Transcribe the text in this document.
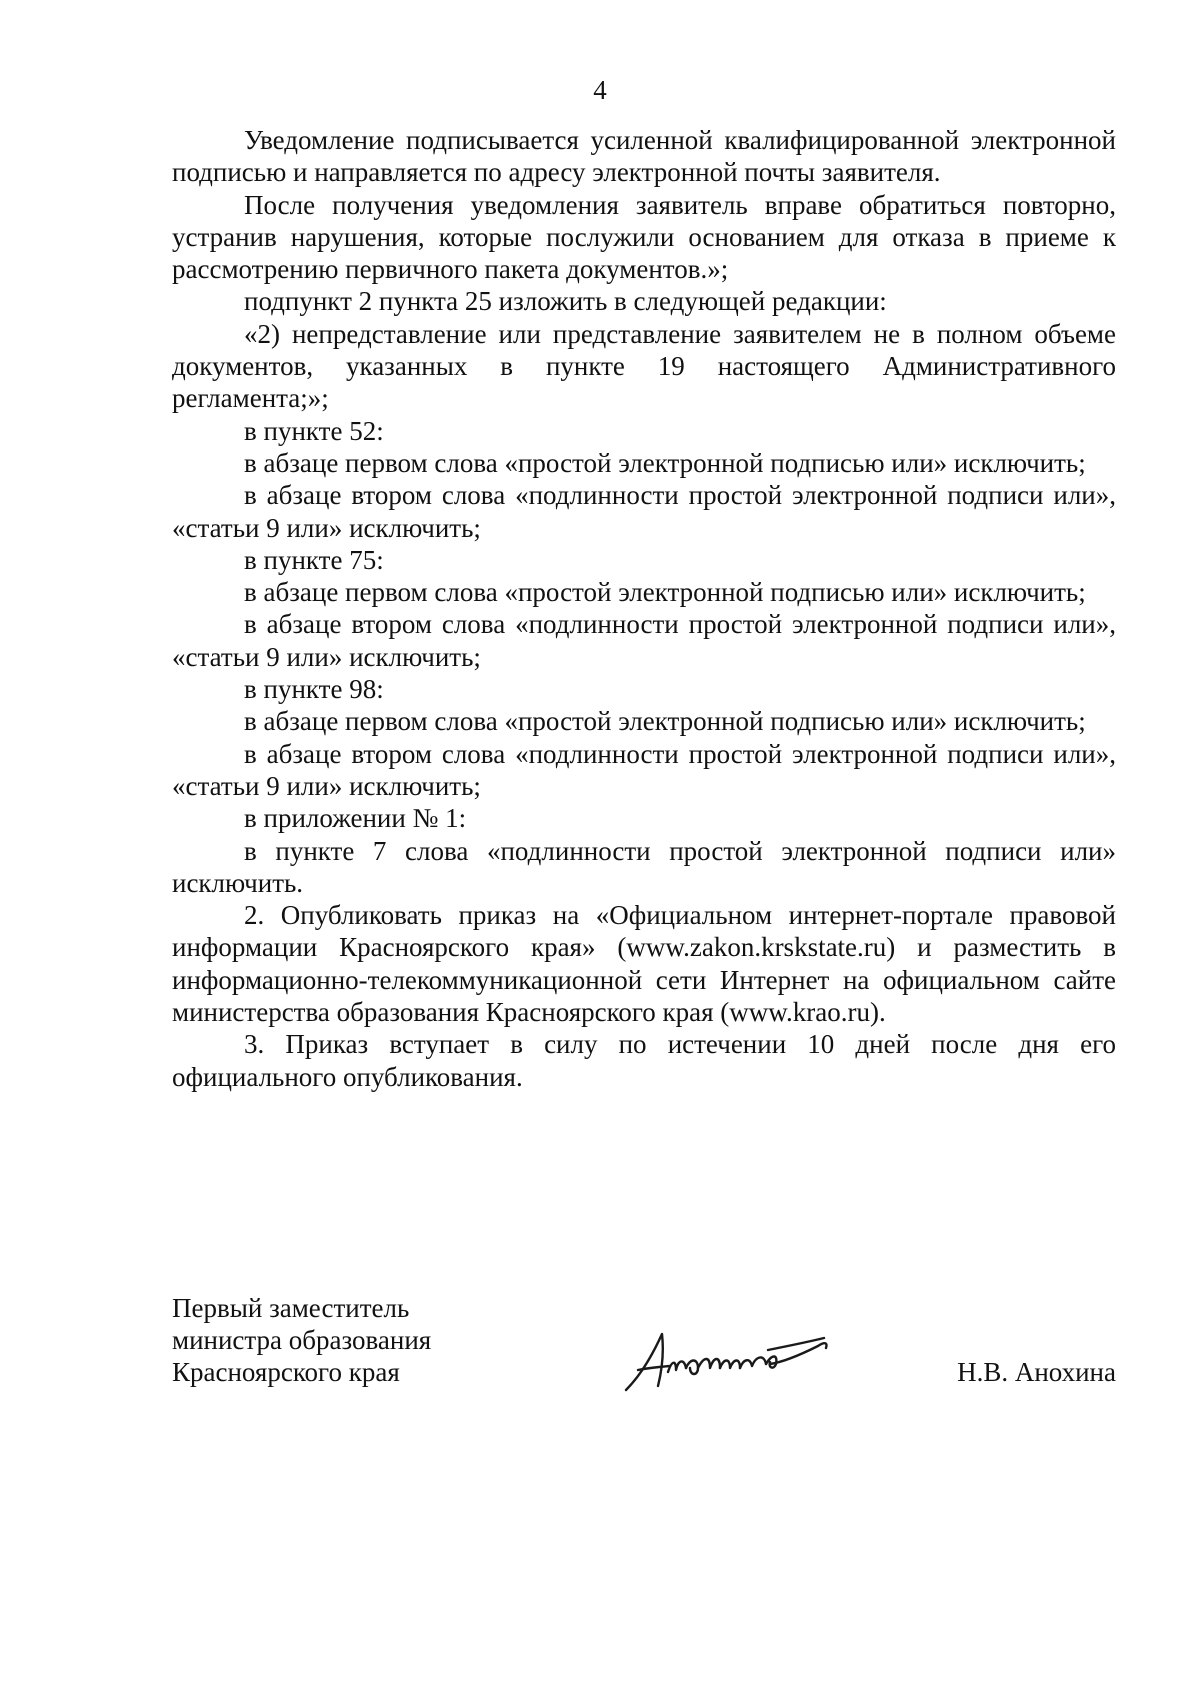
4

Уведомление подписывается усиленной квалифицированной электронной подписью и направляется по адресу электронной почты заявителя.

После получения уведомления заявитель вправе обратиться повторно, устранив нарушения, которые послужили основанием для отказа в приеме к рассмотрению первичного пакета документов.»;

подпункт 2 пункта 25 изложить в следующей редакции:

«2) непредставление или представление заявителем не в полном объеме документов, указанных в пункте 19 настоящего Административного регламента;»;

в пункте 52:

в абзаце первом слова «простой электронной подписью или» исключить;

в абзаце втором слова «подлинности простой электронной подписи или», «статьи 9 или» исключить;

в пункте 75:

в абзаце первом слова «простой электронной подписью или» исключить;

в абзаце втором слова «подлинности простой электронной подписи или», «статьи 9 или» исключить;

в пункте 98:

в абзаце первом слова «простой электронной подписью или» исключить;

в абзаце втором слова «подлинности простой электронной подписи или», «статьи 9 или» исключить;

в приложении № 1:

в пункте 7 слова «подлинности простой электронной подписи или» исключить.

2. Опубликовать приказ на «Официальном интернет-портале правовой информации Красноярского края» (www.zakon.krskstate.ru) и разместить в информационно-телекоммуникационной сети Интернет на официальном сайте министерства образования Красноярского края (www.krao.ru).

3. Приказ вступает в силу по истечении 10 дней после дня его официального опубликования.

Первый заместитель
министра образования
Красноярского края	Н.В. Анохина
